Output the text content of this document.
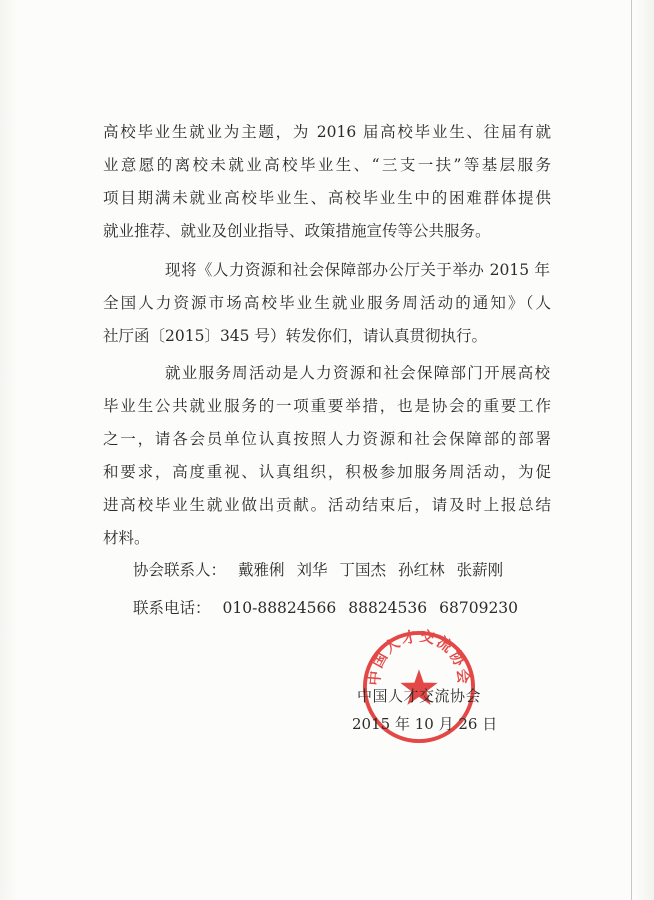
高校毕业生就业为主题，为 2016 届高校毕业生、往届有就
业意愿的离校未就业高校毕业生、“三支一扶”等基层服务
项目期满未就业高校毕业生、高校毕业生中的困难群体提供
就业推荐、就业及创业指导、政策措施宣传等公共服务。

现将《人力资源和社会保障部办公厅关于举办 2015 年
全国人力资源市场高校毕业生就业服务周活动的通知》（人
社厅函〔2015〕345 号）转发你们，请认真贯彻执行。

就业服务周活动是人力资源和社会保障部门开展高校
毕业生公共就业服务的一项重要举措，也是协会的重要工作
之一，请各会员单位认真按照人力资源和社会保障部的部署
和要求，高度重视、认真组织，积极参加服务周活动，为促
进高校毕业生就业做出贡献。活动结束后，请及时上报总结
材料。

协会联系人： 戴雅俐 刘华 丁国杰 孙红林 张薪刚
联系电话： 010-88824566 88824536 68709230
中国人才交流协会
中国人才交流协会
2015 年 10 月 26 日
